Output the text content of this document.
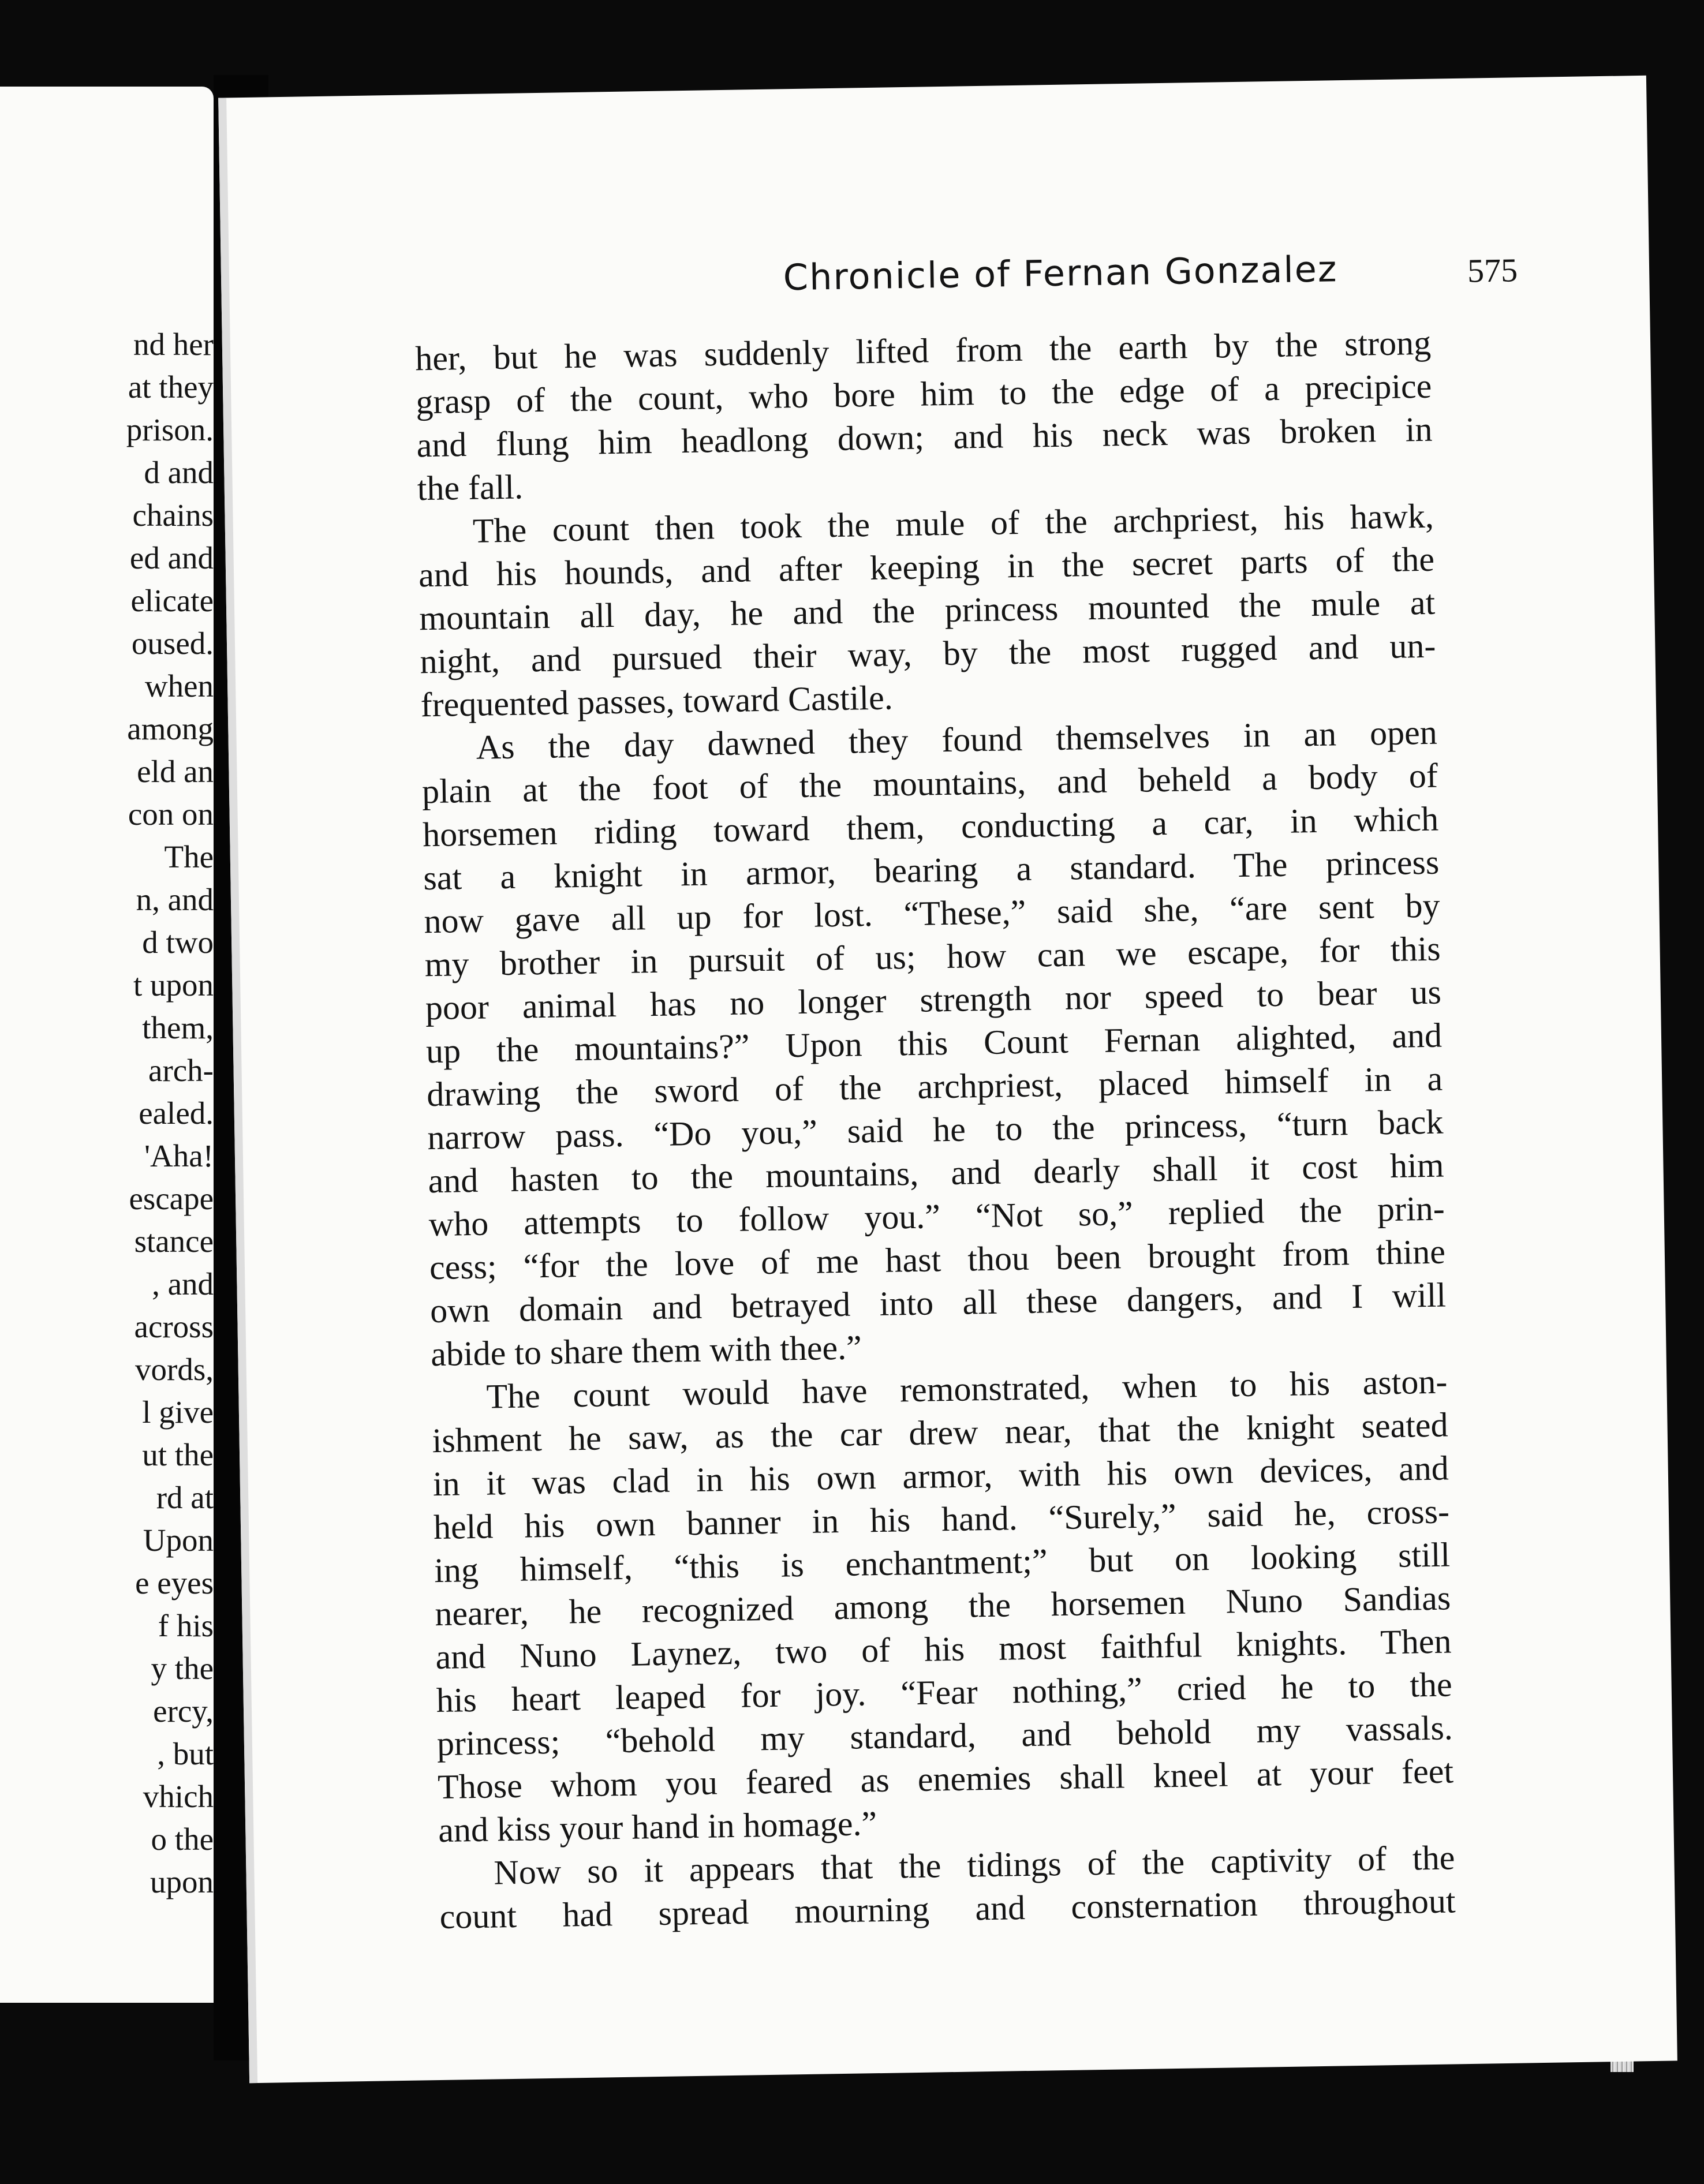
nd her
at they
prison.
d and
chains
ed and
elicate
oused.
when
among
eld an
con on
The
n, and
d two
t upon
them,
arch-
ealed.
'Aha!
escape
stance
, and
across
vords,
l give
ut the
rd at
Upon
e eyes
f his
y the
ercy,
, but
vhich
o the
upon
Chronicle of Fernan Gonzalez	575
her, but he was suddenly lifted from the earth by the strong
grasp of the count, who bore him to the edge of a precipice
and flung him headlong down; and his neck was broken in
the fall.
The count then took the mule of the archpriest, his hawk,
and his hounds, and after keeping in the secret parts of the
mountain all day, he and the princess mounted the mule at
night, and pursued their way, by the most rugged and un-
frequented passes, toward Castile.
As the day dawned they found themselves in an open
plain at the foot of the mountains, and beheld a body of
horsemen riding toward them, conducting a car, in which
sat a knight in armor, bearing a standard. The princess
now gave all up for lost. “These,” said she, “are sent by
my brother in pursuit of us; how can we escape, for this
poor animal has no longer strength nor speed to bear us
up the mountains?” Upon this Count Fernan alighted, and
drawing the sword of the archpriest, placed himself in a
narrow pass. “Do you,” said he to the princess, “turn back
and hasten to the mountains, and dearly shall it cost him
who attempts to follow you.” “Not so,” replied the prin-
cess; “for the love of me hast thou been brought from thine
own domain and betrayed into all these dangers, and I will
abide to share them with thee.”
The count would have remonstrated, when to his aston-
ishment he saw, as the car drew near, that the knight seated
in it was clad in his own armor, with his own devices, and
held his own banner in his hand. “Surely,” said he, cross-
ing himself, “this is enchantment;” but on looking still
nearer, he recognized among the horsemen Nuno Sandias
and Nuno Laynez, two of his most faithful knights. Then
his heart leaped for joy. “Fear nothing,” cried he to the
princess; “behold my standard, and behold my vassals.
Those whom you feared as enemies shall kneel at your feet
and kiss your hand in homage.”
Now so it appears that the tidings of the captivity of the
count had spread mourning and consternation throughout
